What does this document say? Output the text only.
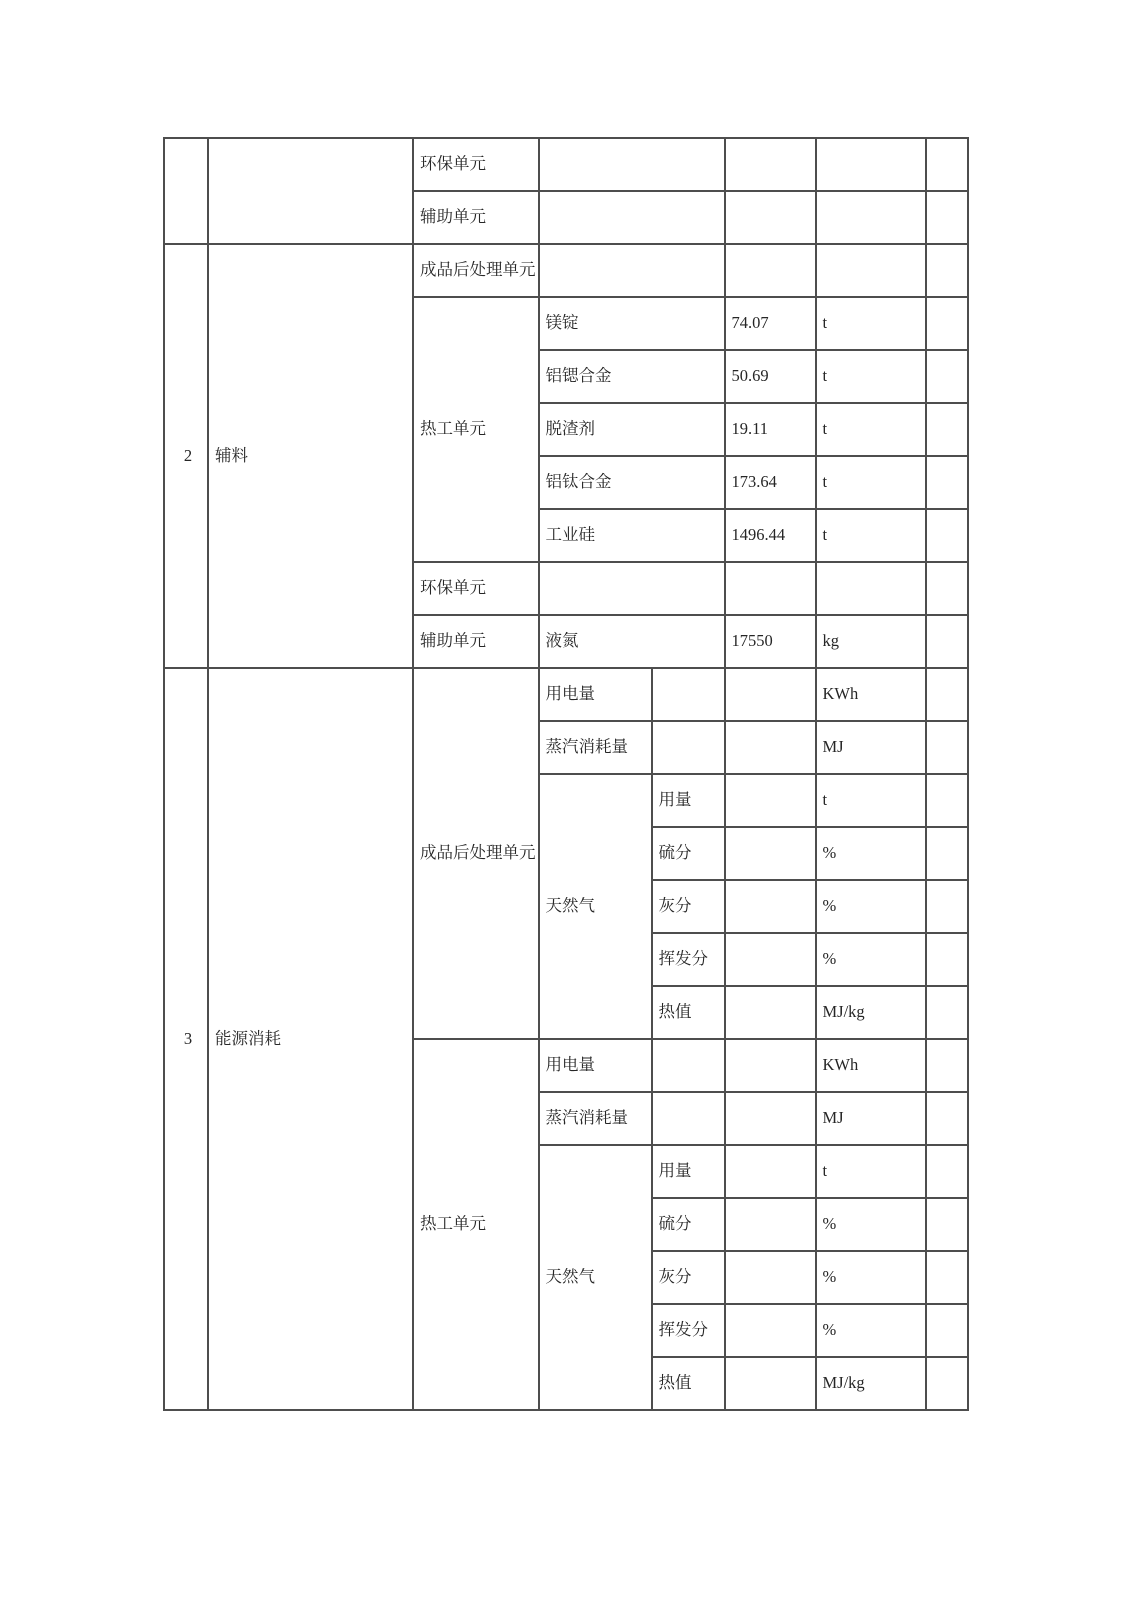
		环保单元					
		辅助单元					
2	辅料	成品后处理单元					
		热工单元	镁锭		74.07	t	
			铝锶合金		50.69	t	
			脱渣剂		19.11	t	
			铝钛合金		173.64	t	
			工业硅		1496.44	t	
		环保单元					
		辅助单元	液氮		17550	kg	
3	能源消耗	成品后处理单元	用电量			KWh	
			蒸汽消耗量			MJ	
			天然气	用量		t	
				硫分		%	
				灰分		%	
				挥发分		%	
				热值		MJ/kg	
		热工单元	用电量			KWh	
			蒸汽消耗量			MJ	
			天然气	用量		t	
				硫分		%	
				灰分		%	
				挥发分		%	
				热值		MJ/kg	
